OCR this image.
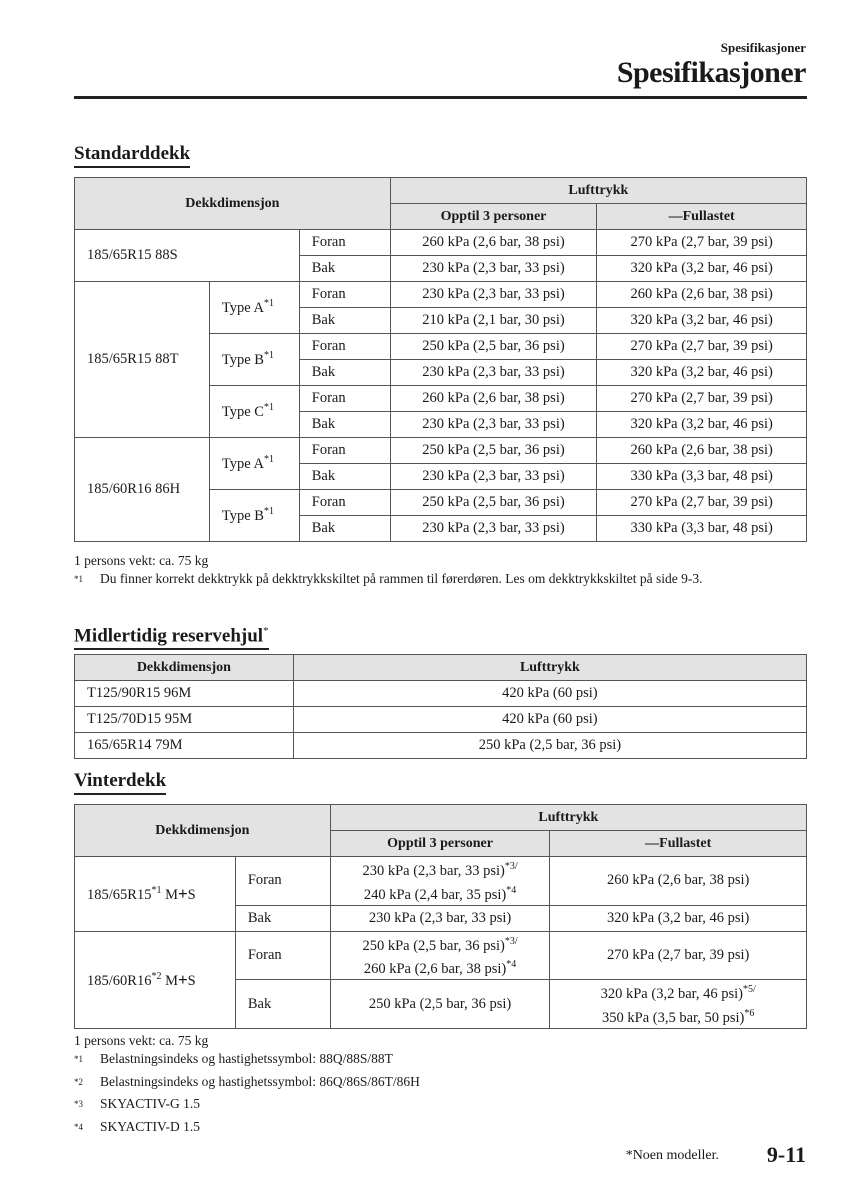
Spesifikasjoner
Spesifikasjoner
Standarddekk
Dekkdimensjon			Lufttrykk	
			Opptil 3 personer	—Fullastet
185/65R15 88S		Foran	260 kPa (2,6 bar, 38 psi)	270 kPa (2,7 bar, 39 psi)
		Bak	230 kPa (2,3 bar, 33 psi)	320 kPa (3,2 bar, 46 psi)
185/65R15 88T	Type $A^{*1}$	Foran	230 kPa (2,3 bar, 33 psi)	260 kPa (2,6 bar, 38 psi)
		Bak	210 kPa (2,1 bar, 30 psi)	320 kPa (3,2 bar, 46 psi)
	Type $B^{*1}$	Foran	250 kPa (2,5 bar, 36 psi)	270 kPa (2,7 bar, 39 psi)
		Bak	230 kPa (2,3 bar, 33 psi)	320 kPa (3,2 bar, 46 psi)
	Type $C^{*1}$	Foran	260 kPa (2,6 bar, 38 psi)	270 kPa (2,7 bar, 39 psi)
		Bak	230 kPa (2,3 bar, 33 psi)	320 kPa (3,2 bar, 46 psi)
185/60R16 86H	Type $A^{*1}$	Foran	250 kPa (2,5 bar, 36 psi)	260 kPa (2,6 bar, 38 psi)
		Bak	230 kPa (2,3 bar, 33 psi)	330 kPa (3,3 bar, 48 psi)
	Type $B^{*1}$	Foran	250 kPa (2,5 bar, 36 psi)	270 kPa (2,7 bar, 39 psi)
		Bak	230 kPa (2,3 bar, 33 psi)	330 kPa (3,3 bar, 48 psi)
1 persons vekt: ca. 75 kg
$^{*1}$	Du finner korrekt dekktrykk på dekktrykkskiltet på rammen til førerdøren. Les om dekktrykkskiltet på side 9-3.
Midlertidig reservehjul*
Dekkdimensjon	Lufttrykk
T125/90R15 96M	420 kPa (60 psi)
T125/70D15 95M	420 kPa (60 psi)
165/65R14 79M	250 kPa (2,5 bar, 36 psi)
Vinterdekk
Dekkdimensjon		Lufttrykk	
		Opptil 3 personer	—Fullastet
185/65R15$^{*1}$ M+S	Foran	230 kPa (2,3 bar, 33 psi)$^{*3/}$
240 kPa (2,4 bar, 35 psi)$^{*4}$	260 kPa (2,6 bar, 38 psi)
	Bak	230 kPa (2,3 bar, 33 psi)	320 kPa (3,2 bar, 46 psi)
185/60R16$^{*2}$ M+S	Foran	250 kPa (2,5 bar, 36 psi)$^{*3/}$
260 kPa (2,6 bar, 38 psi)$^{*4}$	270 kPa (2,7 bar, 39 psi)
	Bak	250 kPa (2,5 bar, 36 psi)	320 kPa (3,2 bar, 46 psi)$^{*5/}$
350 kPa (3,5 bar, 50 psi)$^{*6}$
1 persons vekt: ca. 75 kg
$^{*1}$	Belastningsindeks og hastighetssymbol: 88Q/88S/88T
$^{*2}$	Belastningsindeks og hastighetssymbol: 86Q/86S/86T/86H
$^{*3}$	SKYACTIV-G 1.5
$^{*4}$	SKYACTIV-D 1.5
*Noen modeller. 9-11
